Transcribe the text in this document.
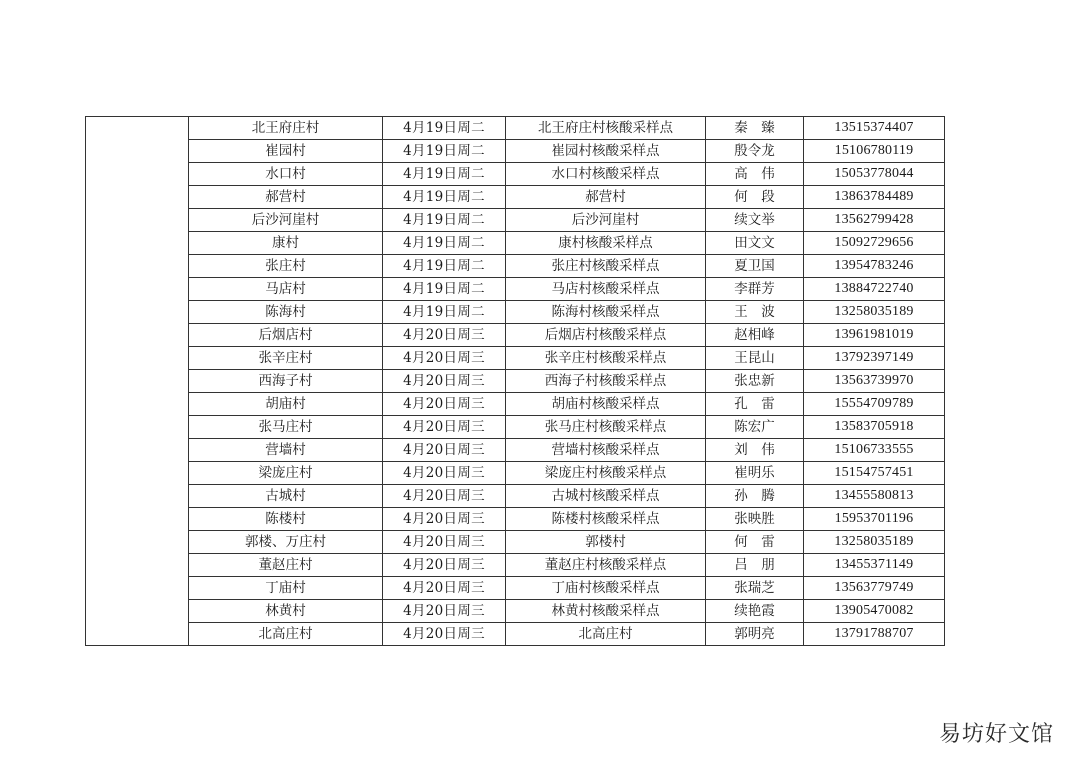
	北王府庄村	4月19日周二	北王府庄村核酸采样点	秦　臻	13515374407
	崔园村	4月19日周二	崔园村核酸采样点	殷令龙	15106780119
	水口村	4月19日周二	水口村核酸采样点	高　伟	15053778044
	郝营村	4月19日周二	郝营村	何　段	13863784489
	后沙河崖村	4月19日周二	后沙河崖村	续文举	13562799428
	康村	4月19日周二	康村核酸采样点	田文文	15092729656
	张庄村	4月19日周二	张庄村核酸采样点	夏卫国	13954783246
	马店村	4月19日周二	马店村核酸采样点	李群芳	13884722740
	陈海村	4月19日周二	陈海村核酸采样点	王　波	13258035189
	后烟店村	4月20日周三	后烟店村核酸采样点	赵相峰	13961981019
	张辛庄村	4月20日周三	张辛庄村核酸采样点	王昆山	13792397149
	西海子村	4月20日周三	西海子村核酸采样点	张忠新	13563739970
	胡庙村	4月20日周三	胡庙村核酸采样点	孔　雷	15554709789
	张马庄村	4月20日周三	张马庄村核酸采样点	陈宏广	13583705918
	营墙村	4月20日周三	营墙村核酸采样点	刘　伟	15106733555
	梁庞庄村	4月20日周三	梁庞庄村核酸采样点	崔明乐	15154757451
	古城村	4月20日周三	古城村核酸采样点	孙　腾	13455580813
	陈楼村	4月20日周三	陈楼村核酸采样点	张映胜	15953701196
	郭楼、万庄村	4月20日周三	郭楼村	何　雷	13258035189
	董赵庄村	4月20日周三	董赵庄村核酸采样点	吕　朋	13455371149
	丁庙村	4月20日周三	丁庙村核酸采样点	张瑞芝	13563779749
	林黄村	4月20日周三	林黄村核酸采样点	续艳霞	13905470082
	北高庄村	4月20日周三	北高庄村	郭明亮	13791788707
易坊好文馆
